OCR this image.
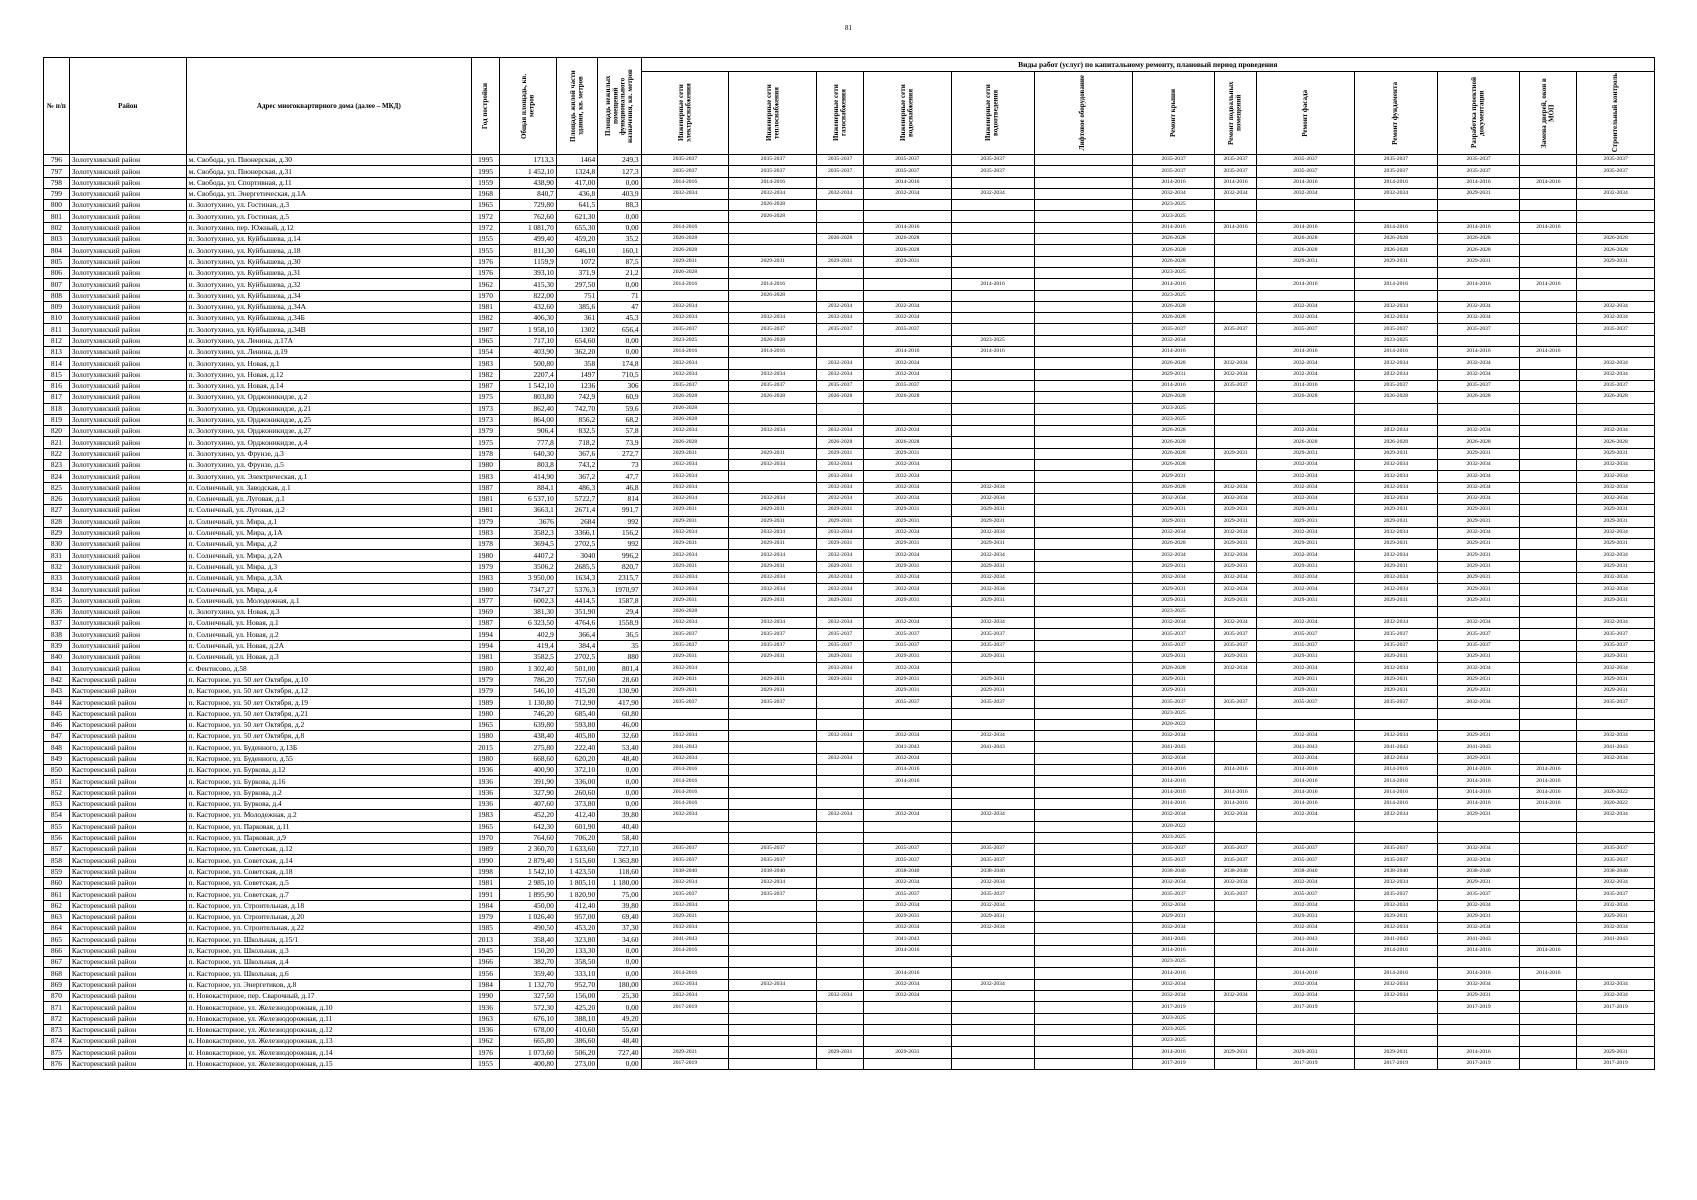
81
№ п/п	Район	Адрес многоквартирного дома (далее – МКД)	Год постройки	Общая площадь, кв. метров	Площадь жилой части здания, кв. метров	Площадь нежилых помещений функционального назначения, кв. метров	Виды работ (услуг) по капитальному ремонту, плановый период проведения												

							Инженерные сети электроснабжения	Инженерные сети теплоснабжения	Инженерные сети газоснабжения	Инженерные сети водоснабжения	Инженерные сети водоотведения	Лифтовое оборудование	Ремонт крыши	Ремонт подвальных помещений	Ремонт фасада	Ремонт фундамента	Разработка проектной документации	Замена дверей, окон в МОП	Строительный контроль

796	Золотухинский район	м. Свобода, ул. Пионерская, д.30	1995	1713,3	1464	249,3	2035-2037	2035-2037	2035-2037	2035-2037	2035-2037		2035-2037	2035-2037	2035-2037	2035-2037	2035-2037		2035-2037
797	Золотухинский район	м. Свобода, ул. Пионерская, д.31	1995	1 452,10	1324,8	127,3	2035-2037	2035-2037	2035-2037	2035-2037	2035-2037		2035-2037	2035-2037	2035-2037	2035-2037	2035-2037		2035-2037
798	Золотухинский район	м. Свобода, ул. Спортивная, д.11	1959	438,90	417,00	0,00	2014-2016	2014-2016		2014-2016			2014-2016	2014-2016	2014-2016	2014-2016	2014-2016	2014-2016	
799	Золотухинский район	м. Свобода, ул. Энергетическая, д.1А	1968	840,7	436,8	403,9	2032-2034	2032-2034	2032-2034	2032-2034	2032-2034		2032-2034	2032-2034	2032-2034	2032-2034	2029-2031		2032-2034
800	Золотухинский район	п. Золотухино, ул. Гостиная, д.3	1965	729,80	641,5	88,3		2026-2028					2023-2025						
801	Золотухинский район	п. Золотухино, ул. Гостиная, д.5	1972	762,60	621,30	0,00		2026-2028					2023-2025						
802	Золотухинский район	п. Золотухино, пер. Южный, д.12	1972	1 081,70	655,30	0,00	2014-2016			2014-2016			2014-2016	2014-2016	2014-2016	2014-2016	2014-2016	2014-2016	
803	Золотухинский район	п. Золотухино, ул. Куйбышева, д.14	1955	499,40	459,20	35,2	2026-2028		2026-2028	2026-2028			2026-2028		2026-2028	2026-2028	2026-2028		2026-2028
804	Золотухинский район	п. Золотухино, ул. Куйбышева, д.18	1955	811,30	646,10	160,1	2026-2028			2026-2028			2026-2028		2026-2028	2026-2028	2026-2028		2026-2028
805	Золотухинский район	п. Золотухино, ул. Куйбышева, д.30	1976	1159,9	1072	87,5	2029-2031	2029-2031	2029-2031	2029-2031			2026-2028		2029-2031	2029-2031	2029-2031		2029-2031
806	Золотухинский район	п. Золотухино, ул. Куйбышева, д.31	1976	393,10	371,9	21,2	2026-2028						2023-2025						
807	Золотухинский район	п. Золотухино, ул. Куйбышева, д.32	1962	415,30	297,50	0,00	2014-2016	2014-2016			2014-2016		2014-2016		2014-2016	2014-2016	2014-2016	2014-2016	
808	Золотухинский район	п. Золотухино, ул. Куйбышева, д.34	1970	822,00	751	71		2026-2028					2023-2025						
809	Золотухинский район	п. Золотухино, ул. Куйбышева, д.34А	1981	432,60	385,6	47	2032-2034		2032-2034	2032-2034			2026-2028		2032-2034	2032-2034	2032-2034		2032-2034
810	Золотухинский район	п. Золотухино, ул. Куйбышева, д.34Б	1982	406,30	361	45,3	2032-2034	2032-2034	2032-2034	2032-2034			2026-2028		2032-2034	2032-2034	2032-2034		2032-2034
811	Золотухинский район	п. Золотухино, ул. Куйбышева, д.34В	1987	1 958,10	1302	656,4	2035-2037	2035-2037	2035-2037	2035-2037			2035-2037	2035-2037	2035-2037	2035-2037	2035-2037		2035-2037
812	Золотухинский район	п. Золотухино, ул. Ленина, д.17А	1965	717,10	654,60	0,00	2023-2025	2026-2028			2023-2025		2032-2034			2023-2025			
813	Золотухинский район	п. Золотухино, ул. Ленина, д.19	1954	403,90	362,20	0,00	2014-2016	2014-2016		2014-2016	2014-2016		2014-2016		2014-2016	2014-2016	2014-2016	2014-2016	
814	Золотухинский район	п. Золотухино, ул. Новая, д.1	1983	500,80	358	174,8	2032-2034		2032-2034	2032-2034			2026-2028	2032-2034	2032-2034	2032-2034	2032-2034		2032-2034
815	Золотухинский район	п. Золотухино, ул. Новая, д.12	1982	2207,4	1497	710,5	2032-2034	2032-2034	2032-2034	2032-2034			2029-2031	2032-2034	2032-2034	2032-2034	2032-2034		2032-2034
816	Золотухинский район	п. Золотухино, ул. Новая, д.14	1987	1 542,10	1236	306	2035-2037	2035-2037	2035-2037	2035-2037			2014-2016	2035-2037	2014-2016	2035-2037	2035-2037		2035-2037
817	Золотухинский район	п. Золотухино, ул. Орджоникидзе, д.2	1975	803,80	742,9	60,9	2026-2028	2026-2028	2026-2028	2026-2028			2026-2028		2026-2028	2026-2028	2026-2028		2026-2028
818	Золотухинский район	п. Золотухино, ул. Орджоникидзе, д.21	1973	862,40	742,70	59,6	2026-2028						2023-2025						
819	Золотухинский район	п. Золотухино, ул. Орджоникидзе, д.25	1973	864,00	856,2	68,2	2026-2028						2023-2025						
820	Золотухинский район	п. Золотухино, ул. Орджоникидзе, д.27	1979	906,4	832,5	57,8	2032-2034	2032-2034	2032-2034	2032-2034			2026-2028		2032-2034	2032-2034	2032-2034		2032-2034
821	Золотухинский район	п. Золотухино, ул. Орджоникидзе, д.4	1975	777,8	718,2	73,9	2026-2028		2026-2028	2026-2028			2026-2028		2026-2028	2026-2028	2026-2028		2026-2028
822	Золотухинский район	п. Золотухино, ул. Фрунзе, д.3	1978	640,30	367,6	272,7	2029-2031	2029-2031	2029-2031	2029-2031			2026-2028	2029-2031	2029-2031	2029-2031	2029-2031		2029-2031
823	Золотухинский район	п. Золотухино, ул. Фрунзе, д.5	1980	803,8	743,2	73	2032-2034	2032-2034	2032-2034	2032-2034			2026-2028		2032-2034	2032-2034	2032-2034		2032-2034
824	Золотухинский район	п. Золотухино, ул. Электрическая, д.1	1983	414,90	367,2	47,7	2032-2034		2032-2034	2032-2034			2029-2031		2032-2034	2032-2034	2032-2034		2032-2034
825	Золотухинский район	п. Солнечный, ул. Заводская, д.1	1987	884,1	486,3	46,8	2032-2034		2032-2034	2032-2034	2032-2034		2026-2028	2032-2034	2032-2034	2032-2034	2032-2034		2032-2034
826	Золотухинский район	п. Солнечный, ул. Луговая, д.1	1981	6 537,10	5722,7	814	2032-2034	2032-2034	2032-2034	2032-2034	2032-2034		2032-2034	2032-2034	2032-2034	2032-2034	2032-2034		2032-2034
827	Золотухинский район	п. Солнечный, ул. Луговая, д.2	1981	3663,1	2671,4	991,7	2029-2031	2029-2031	2029-2031	2029-2031	2029-2031		2029-2031	2029-2031	2029-2031	2029-2031	2029-2031		2029-2031
828	Золотухинский район	п. Солнечный, ул. Мира, д.1	1979	3676	2684	992	2029-2031	2029-2031	2029-2031	2029-2031	2029-2031		2029-2031	2029-2031	2029-2031	2029-2031	2029-2031		2029-2031
829	Золотухинский район	п. Солнечный, ул. Мира, д.1А	1983	3582,3	3366,1	156,2	2032-2034	2032-2034	2032-2034	2032-2034	2032-2034		2032-2034	2032-2034	2032-2034	2032-2034	2032-2034		2032-2034
830	Золотухинский район	п. Солнечный, ул. Мира, д.2	1978	3694,5	2702,5	992	2029-2031	2029-2031	2029-2031	2029-2031	2029-2031		2026-2028	2029-2031	2029-2031	2029-2031	2029-2031		2029-2031
831	Золотухинский район	п. Солнечный, ул. Мира, д.2А	1980	4407,2	3040	996,2	2032-2034	2032-2034	2032-2034	2032-2034	2032-2034		2032-2034	2032-2034	2032-2034	2032-2034	2029-2031		2032-2034
832	Золотухинский район	п. Солнечный, ул. Мира, д.3	1979	3506,2	2685,5	820,7	2029-2031	2029-2031	2029-2031	2029-2031	2029-2031		2029-2031	2029-2031	2029-2031	2029-2031	2029-2031		2029-2031
833	Золотухинский район	п. Солнечный, ул. Мира, д.3А	1983	3 950,00	1634,3	2315,7	2032-2034	2032-2034	2032-2034	2032-2034	2032-2034		2032-2034	2032-2034	2032-2034	2032-2034	2029-2031		2032-2034
834	Золотухинский район	п. Солнечный, ул. Мира, д.4	1980	7347,27	5376,3	1970,97	2032-2034	2032-2034	2032-2034	2032-2034	2032-2034		2029-2031	2032-2034	2032-2034	2032-2034	2029-2031		2032-2034
835	Золотухинский район	п. Солнечный, ул. Молодежная, д.1	1977	6002,3	4414,5	1587,8	2029-2031	2029-2031	2029-2031	2029-2031	2029-2031		2029-2031	2029-2031	2029-2031	2029-2031	2029-2031		2029-2031
836	Золотухинский район	п. Золотухино, ул. Новая, д.3	1969	381,30	351,90	29,4	2026-2028						2023-2025						
837	Золотухинский район	п. Солнечный, ул. Новая, д.1	1987	6 323,50	4764,6	1558,9	2032-2034	2032-2034	2032-2034	2032-2034	2032-2034		2032-2034	2032-2034	2032-2034	2032-2034	2032-2034		2032-2034
838	Золотухинский район	п. Солнечный, ул. Новая, д.2	1994	402,9	366,4	36,5	2035-2037	2035-2037	2035-2037	2035-2037	2035-2037		2035-2037	2035-2037	2035-2037	2035-2037	2035-2037		2035-2037
839	Золотухинский район	п. Солнечный, ул. Новая, д.2А	1994	419,4	384,4	35	2035-2037	2035-2037	2035-2037	2035-2037	2035-2037		2035-2037	2035-2037	2035-2037	2035-2037	2035-2037		2035-2037
840	Золотухинский район	п. Солнечный, ул. Новая, д.3	1981	3582,5	2702,5	880	2029-2031	2029-2031	2029-2031	2029-2031	2029-2031		2029-2031	2029-2031	2029-2031	2029-2031	2029-2031		2029-2031
841	Золотухинский район	с. Фентисово, д.58	1980	1 302,40	501,00	801,4	2032-2034		2032-2034	2032-2034			2026-2028	2032-2034	2032-2034	2032-2034	2032-2034		2032-2034
842	Касторенский район	п. Касторное, ул. 50 лет Октября, д.10	1979	786,20	757,60	28,60	2029-2031	2029-2031	2029-2031	2029-2031	2029-2031		2029-2031		2029-2031	2029-2031	2029-2031		2029-2031
843	Касторенский район	п. Касторное, ул. 50 лет Октября, д.12	1979	546,10	415,20	130,90	2029-2031	2029-2031		2029-2031	2029-2031		2029-2031		2029-2031	2029-2031	2029-2031		2029-2031
844	Касторенский район	п. Касторное, ул. 50 лет Октября, д.19	1989	1 130,80	712,90	417,90	2035-2037	2035-2037		2035-2037	2035-2037		2035-2037	2035-2037	2035-2037	2035-2037	2032-2034		2035-2037
845	Касторенский район	п. Касторное, ул. 50 лет Октября, д.21	1980	746,20	685,40	60,80							2023-2025						
846	Касторенский район	п. Касторное, ул. 50 лет Октября, д.2	1965	639,80	593,80	46,00							2020-2022						
847	Касторенский район	п. Касторное, ул. 50 лет Октября, д.8	1980	438,40	405,80	32,60	2032-2034		2032-2034	2032-2034	2032-2034		2032-2034		2032-2034	2032-2034	2029-2031		2032-2034
848	Касторенский район	п. Касторное, ул. Буденного, д.13Б	2015	275,80	222,40	53,40	2041-2043			2041-2043	2041-2043		2041-2043		2041-2043	2041-2043	2041-2043		2041-2043
849	Касторенский район	п. Касторное, ул. Буденного, д.55	1980	668,60	620,20	48,40	2032-2034		2032-2034	2032-2034			2032-2034		2032-2034	2032-2034	2029-2031		2032-2034
850	Касторенский район	п. Касторное, ул. Буркова, д.12	1936	400,90	372,10	0,00	2014-2016			2014-2016			2014-2016	2014-2016	2014-2016	2014-2016	2014-2016	2014-2016	
851	Касторенский район	п. Касторное, ул. Буркова, д.16	1936	391,90	336,00	0,00	2014-2016			2014-2016			2014-2016		2014-2016	2014-2016	2014-2016	2014-2016	
852	Касторенский район	п. Касторное, ул. Буркова, д.2	1936	327,90	260,60	0,00	2014-2016						2014-2016	2014-2016	2014-2016	2014-2016	2014-2016	2014-2016	2020-2022
853	Касторенский район	п. Касторное, ул. Буркова, д.4	1936	407,60	373,80	0,00	2014-2016						2014-2016	2014-2016	2014-2016	2014-2016	2014-2016	2014-2016	2020-2022
854	Касторенский район	п. Касторное, ул. Молодежная, д.2	1983	452,20	412,40	39,80	2032-2034		2032-2034	2032-2034	2032-2034		2032-2034	2032-2034	2032-2034	2032-2034	2029-2031		2032-2034
855	Касторенский район	п. Касторное, ул. Парковая, д.11	1965	642,30	601,90	40,40							2020-2022						
856	Касторенский район	п. Касторное, ул. Парковая, д.9	1970	764,60	706,20	58,40							2023-2025						
857	Касторенский район	п. Касторное, ул. Советская, д.12	1989	2 360,70	1 633,60	727,10	2035-2037	2035-2037		2035-2037	2035-2037		2035-2037	2035-2037	2035-2037	2035-2037	2032-2034		2035-2037
858	Касторенский район	п. Касторное, ул. Советская, д.14	1990	2 879,40	1 515,60	1 363,80	2035-2037	2035-2037		2035-2037	2035-2037		2035-2037	2035-2037	2035-2037	2035-2037	2032-2034		2035-2037
859	Касторенский район	п. Касторное, ул. Советская, д.18	1998	1 542,10	1 423,50	118,60	2038-2040	2038-2040		2038-2040	2038-2040		2038-2040	2038-2040	2038-2040	2038-2040	2038-2040		2038-2040
860	Касторенский район	п. Касторное, ул. Советская, д.5	1981	2 985,10	1 805,10	1 180,00	2032-2034	2032-2034		2032-2034	2032-2034		2032-2034	2032-2034	2032-2034	2032-2034	2029-2031		2032-2034
861	Касторенский район	п. Касторное, ул. Советская, д.7	1991	1 895,90	1 820,90	75,00	2035-2037	2035-2037		2035-2037	2035-2037		2035-2037	2035-2037	2035-2037	2035-2037	2035-2037		2035-2037
862	Касторенский район	п. Касторное, ул. Строительная, д.18	1984	450,00	412,40	39,80	2032-2034			2032-2034	2032-2034		2032-2034		2032-2034	2032-2034	2032-2034		2032-2034
863	Касторенский район	п. Касторное, ул. Строительная, д.20	1979	1 026,40	957,00	69,40	2029-2031			2029-2031	2029-2031		2029-2031		2029-2031	2029-2031	2029-2031		2029-2031
864	Касторенский район	п. Касторное, ул. Строительная, д.22	1985	490,50	453,20	37,30	2032-2034			2032-2034	2032-2034		2032-2034		2032-2034	2032-2034	2032-2034		2032-2034
865	Касторенский район	п. Касторное, ул. Школьная, д.15/1	2013	358,40	323,80	34,60	2041-2043			2041-2043			2041-2043		2041-2043	2041-2043	2041-2043		2041-2043
866	Касторенский район	п. Касторное, ул. Школьная, д.3	1945	150,20	133,30	0,00	2014-2016			2014-2016			2014-2016		2014-2016	2014-2016	2014-2016	2014-2016	
867	Касторенский район	п. Касторное, ул. Школьная, д.4	1966	382,70	358,50	0,00							2023-2025						
868	Касторенский район	п. Касторное, ул. Школьная, д.6	1956	359,40	333,10	0,00	2014-2016			2014-2016			2014-2016		2014-2016	2014-2016	2014-2016	2014-2016	
869	Касторенский район	п. Касторное, ул. Энергетиков, д.8	1984	1 132,70	952,70	180,00	2032-2034	2032-2034		2032-2034	2032-2034		2032-2034		2032-2034	2032-2034	2032-2034		2032-2034
870	Касторенский район	п. Новокасторное, пер. Сварочный, д.17	1990	327,50	156,00	25,30	2032-2034		2032-2034	2032-2034			2032-2034	2032-2034	2032-2034	2032-2034	2029-2031		2032-2034
871	Касторенский район	п. Новокасторное, ул. Железнодорожная, д.10	1936	572,30	425,20	0,00	2017-2019						2017-2019		2017-2019		2017-2019		2017-2019
872	Касторенский район	п. Новокасторное, ул. Железнодорожная, д.11	1963	676,10	388,10	49,20							2023-2025						
873	Касторенский район	п. Новокасторное, ул. Железнодорожная, д.12	1936	678,00	410,60	55,60							2023-2025						
874	Касторенский район	п. Новокасторное, ул. Железнодорожная, д.13	1962	665,80	386,60	48,40							2023-2025						
875	Касторенский район	п. Новокасторное, ул. Железнодорожная, д.14	1976	1 073,60	506,20	727,40	2029-2031		2029-2031	2029-2031			2014-2016	2029-2031	2029-2031	2029-2031	2014-2016		2029-2031
876	Касторенский район	п. Новокасторное, ул. Железнодорожная, д.15	1955	400,80	273,00	0,00	2017-2019						2017-2019		2017-2019	2017-2019	2017-2019		2017-2019
